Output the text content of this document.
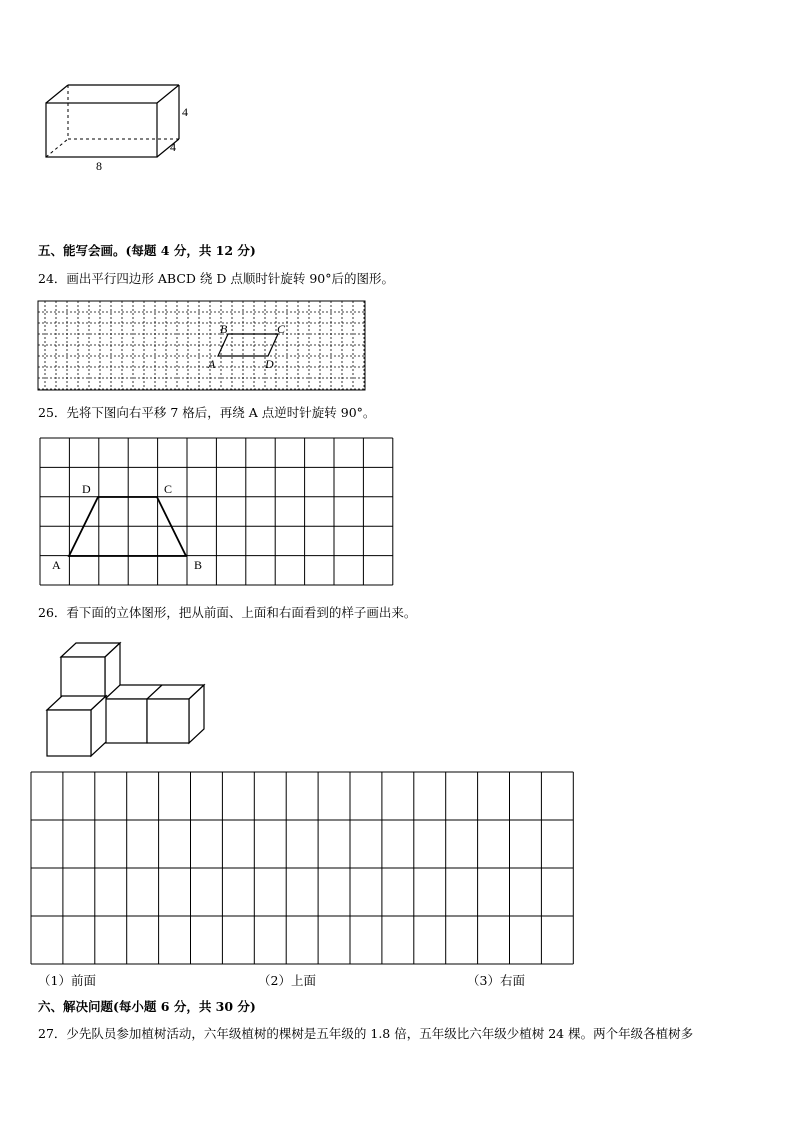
4
4
8
五、能写会画。(每题 4 分，共 12 分)
24．画出平行四边形 ABCD 绕 D 点顺时针旋转 90°后的图形。
B	C
A	D
25．先将下图向右平移 7 格后，再绕 A 点逆时针旋转 90°。
D	C
A	B
26．看下面的立体图形，把从前面、上面和右面看到的样子画出来。
（1）前面	（2）上面	（3）右面
六、解决问题(每小题 6 分，共 30 分)
27．少先队员参加植树活动，六年级植树的棵树是五年级的 1.8 倍，五年级比六年级少植树 24 棵。两个年级各植树多
